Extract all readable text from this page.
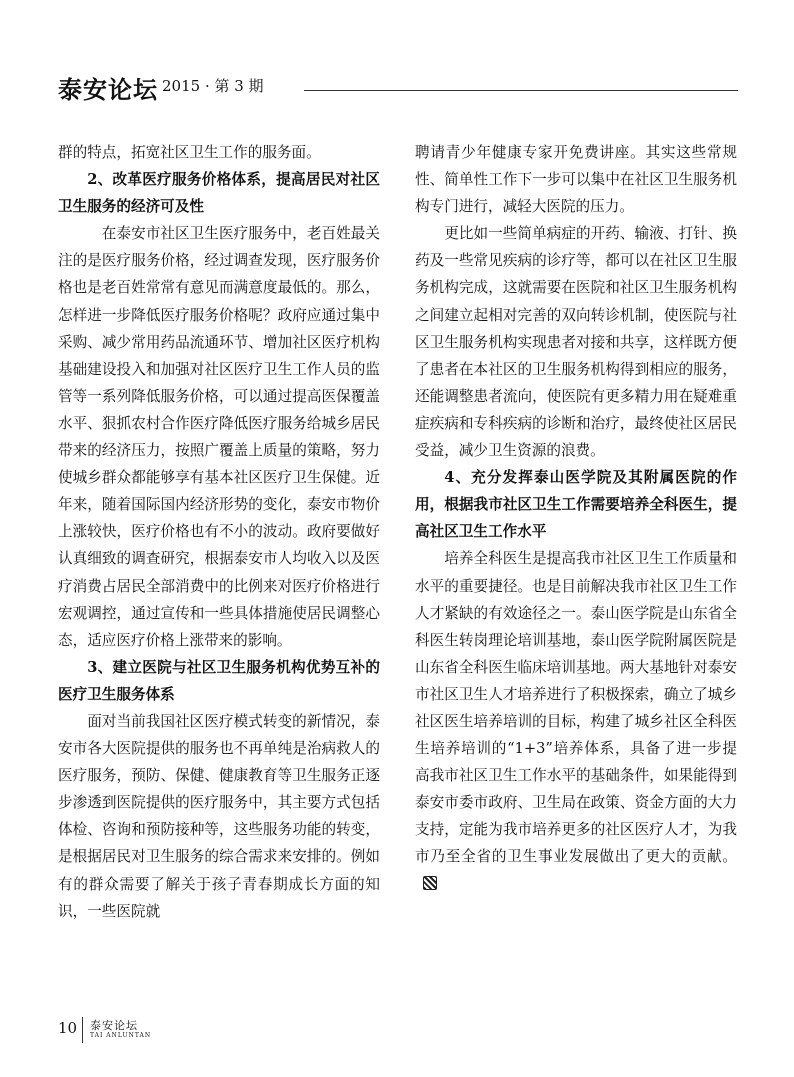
泰安论坛 2015 · 第 3 期

群的特点，拓宽社区卫生工作的服务面。

2、改革医疗服务价格体系，提高居民对社区卫生服务的经济可及性

在泰安市社区卫生医疗服务中，老百姓最关注的是医疗服务价格，经过调查发现，医疗服务价格也是老百姓常常有意见而满意度最低的。那么，怎样进一步降低医疗服务价格呢？政府应通过集中采购、减少常用药品流通环节、增加社区医疗机构基础建设投入和加强对社区医疗卫生工作人员的监管等一系列降低服务价格，可以通过提高医保覆盖水平、狠抓农村合作医疗降低医疗服务给城乡居民带来的经济压力，按照广覆盖上质量的策略，努力使城乡群众都能够享有基本社区医疗卫生保健。近年来，随着国际国内经济形势的变化，泰安市物价上涨较快，医疗价格也有不小的波动。政府要做好认真细致的调查研究，根据泰安市人均收入以及医疗消费占居民全部消费中的比例来对医疗价格进行宏观调控，通过宣传和一些具体措施使居民调整心态，适应医疗价格上涨带来的影响。

3、建立医院与社区卫生服务机构优势互补的医疗卫生服务体系

面对当前我国社区医疗模式转变的新情况，泰安市各大医院提供的服务也不再单纯是治病救人的医疗服务，预防、保健、健康教育等卫生服务正逐步渗透到医院提供的医疗服务中，其主要方式包括体检、咨询和预防接种等，这些服务功能的转变，是根据居民对卫生服务的综合需求来安排的。例如有的群众需要了解关于孩子青春期成长方面的知识，一些医院就

聘请青少年健康专家开免费讲座。其实这些常规性、简单性工作下一步可以集中在社区卫生服务机构专门进行，减轻大医院的压力。

更比如一些简单病症的开药、输液、打针、换药及一些常见疾病的诊疗等，都可以在社区卫生服务机构完成，这就需要在医院和社区卫生服务机构之间建立起相对完善的双向转诊机制，使医院与社区卫生服务机构实现患者对接和共享，这样既方便了患者在本社区的卫生服务机构得到相应的服务，还能调整患者流向，使医院有更多精力用在疑难重症疾病和专科疾病的诊断和治疗，最终使社区居民受益，减少卫生资源的浪费。

4、充分发挥泰山医学院及其附属医院的作用，根据我市社区卫生工作需要培养全科医生，提高社区卫生工作水平

培养全科医生是提高我市社区卫生工作质量和水平的重要捷径。也是目前解决我市社区卫生工作人才紧缺的有效途径之一。泰山医学院是山东省全科医生转岗理论培训基地，泰山医学院附属医院是山东省全科医生临床培训基地。两大基地针对泰安市社区卫生人才培养进行了积极探索，确立了城乡社区医生培养培训的目标，构建了城乡社区全科医生培养培训的“1+3”培养体系，具备了进一步提高我市社区卫生工作水平的基础条件，如果能得到泰安市委市政府、卫生局在政策、资金方面的大力支持，定能为我市培养更多的社区医疗人才，为我市乃至全省的卫生事业发展做出了更大的贡献。

10 泰安论坛
TAI ANLUNTAN
